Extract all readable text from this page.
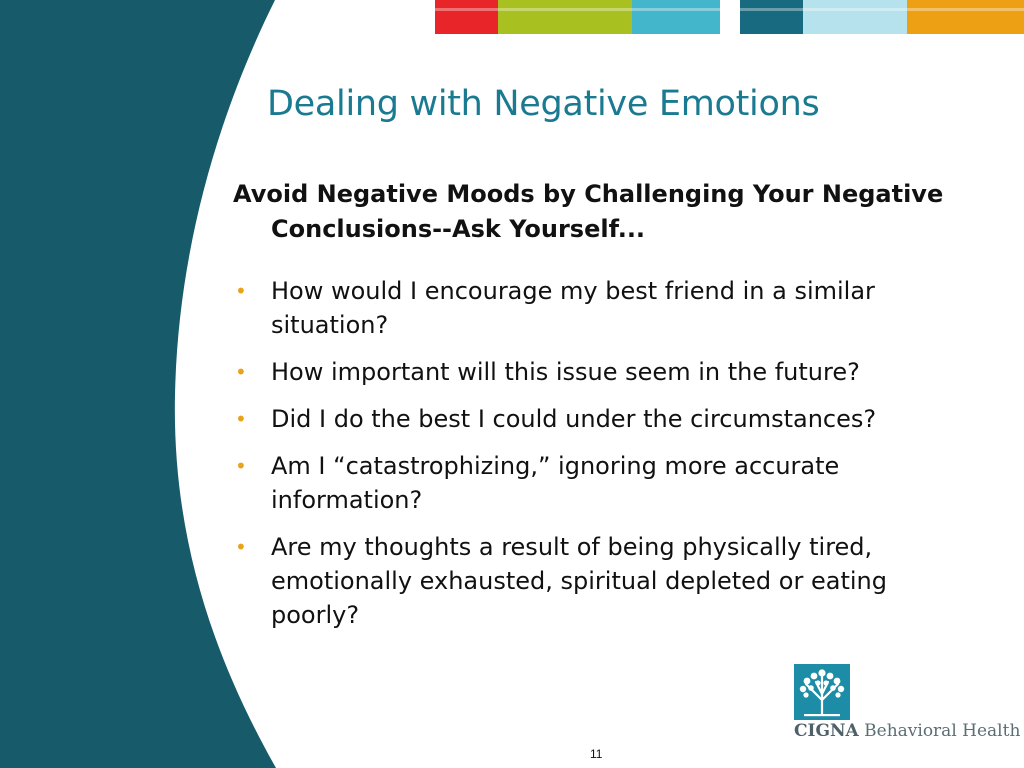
Dealing with Negative Emotions

Avoid Negative Moods by Challenging Your Negative Conclusions--Ask Yourself...

• How would I encourage my best friend in a similar situation?
• How important will this issue seem in the future?
• Did I do the best I could under the circumstances?
• Am I “catastrophizing,” ignoring more accurate information?
• Are my thoughts a result of being physically tired, emotionally exhausted, spiritual depleted or eating poorly?
CIGNA Behavioral Health
11
